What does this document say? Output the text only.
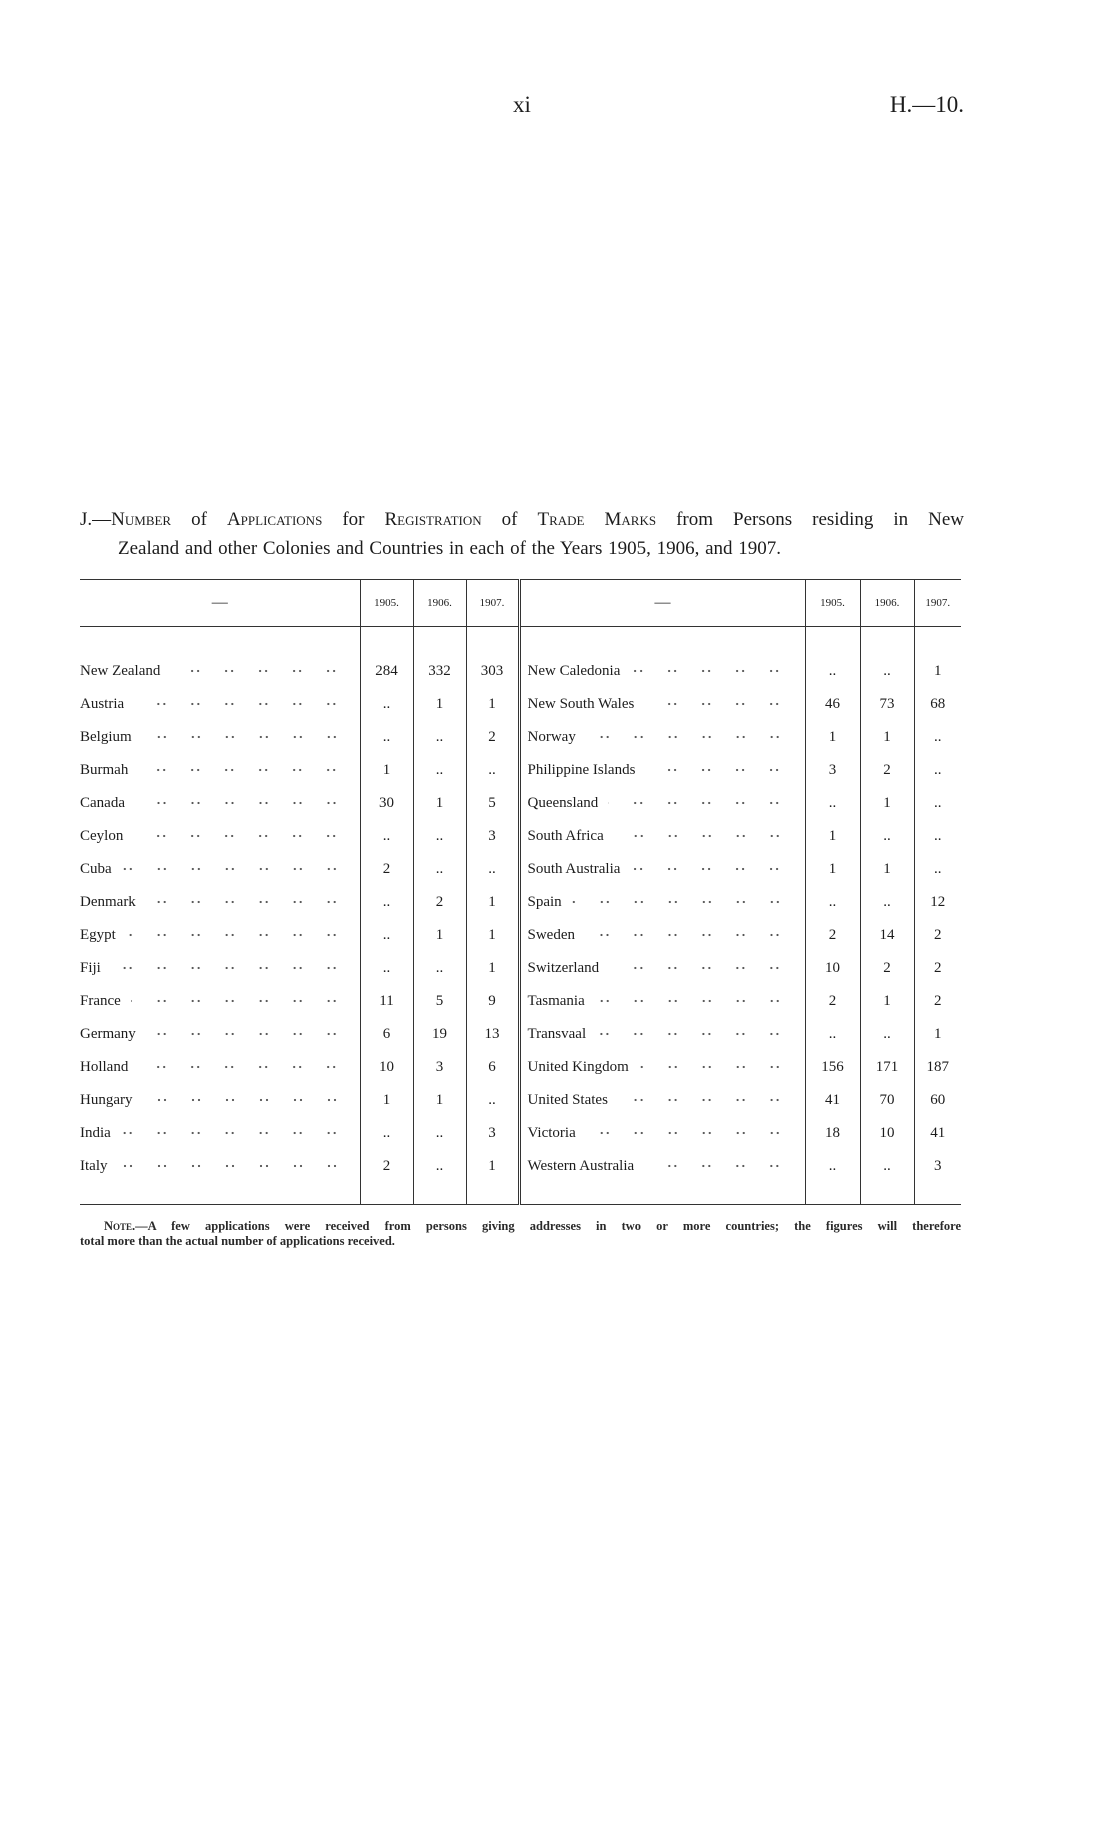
xi	H.—10.
J.—Number of Applications for Registration of Trade Marks from Persons residing in New
Zealand and other Colonies and Countries in each of the Years 1905, 1906, and 1907.
—	1905.	1906.	1907.	—	1905.	1906.	1907.

New Zealand	284	332	303	New Caledonia	..	..	1

Austria	..	1	1	New South Wales	46	73	68

Belgium	..	..	2	Norway	1	1	..

Burmah	1	..	..	Philippine Islands	3	2	..

Canada	30	1	5	Queensland	..	1	..

Ceylon	..	..	3	South Africa	1	..	..

Cuba	2	..	..	South Australia	1	1	..

Denmark	..	2	1	Spain	..	..	12

Egypt	..	1	1	Sweden	2	14	2

Fiji	..	..	1	Switzerland	10	2	2

France	11	5	9	Tasmania	2	1	2

Germany	6	19	13	Transvaal	..	..	1

Holland	10	3	6	United Kingdom	156	171	187

Hungary	1	1	..	United States	41	70	60

India	..	..	3	Victoria	18	10	41

Italy	2	..	1	Western Australia	..	..	3

Note.—A few applications were received from persons giving addresses in two or more countries; the figures will therefore
total more than the actual number of applications received.
